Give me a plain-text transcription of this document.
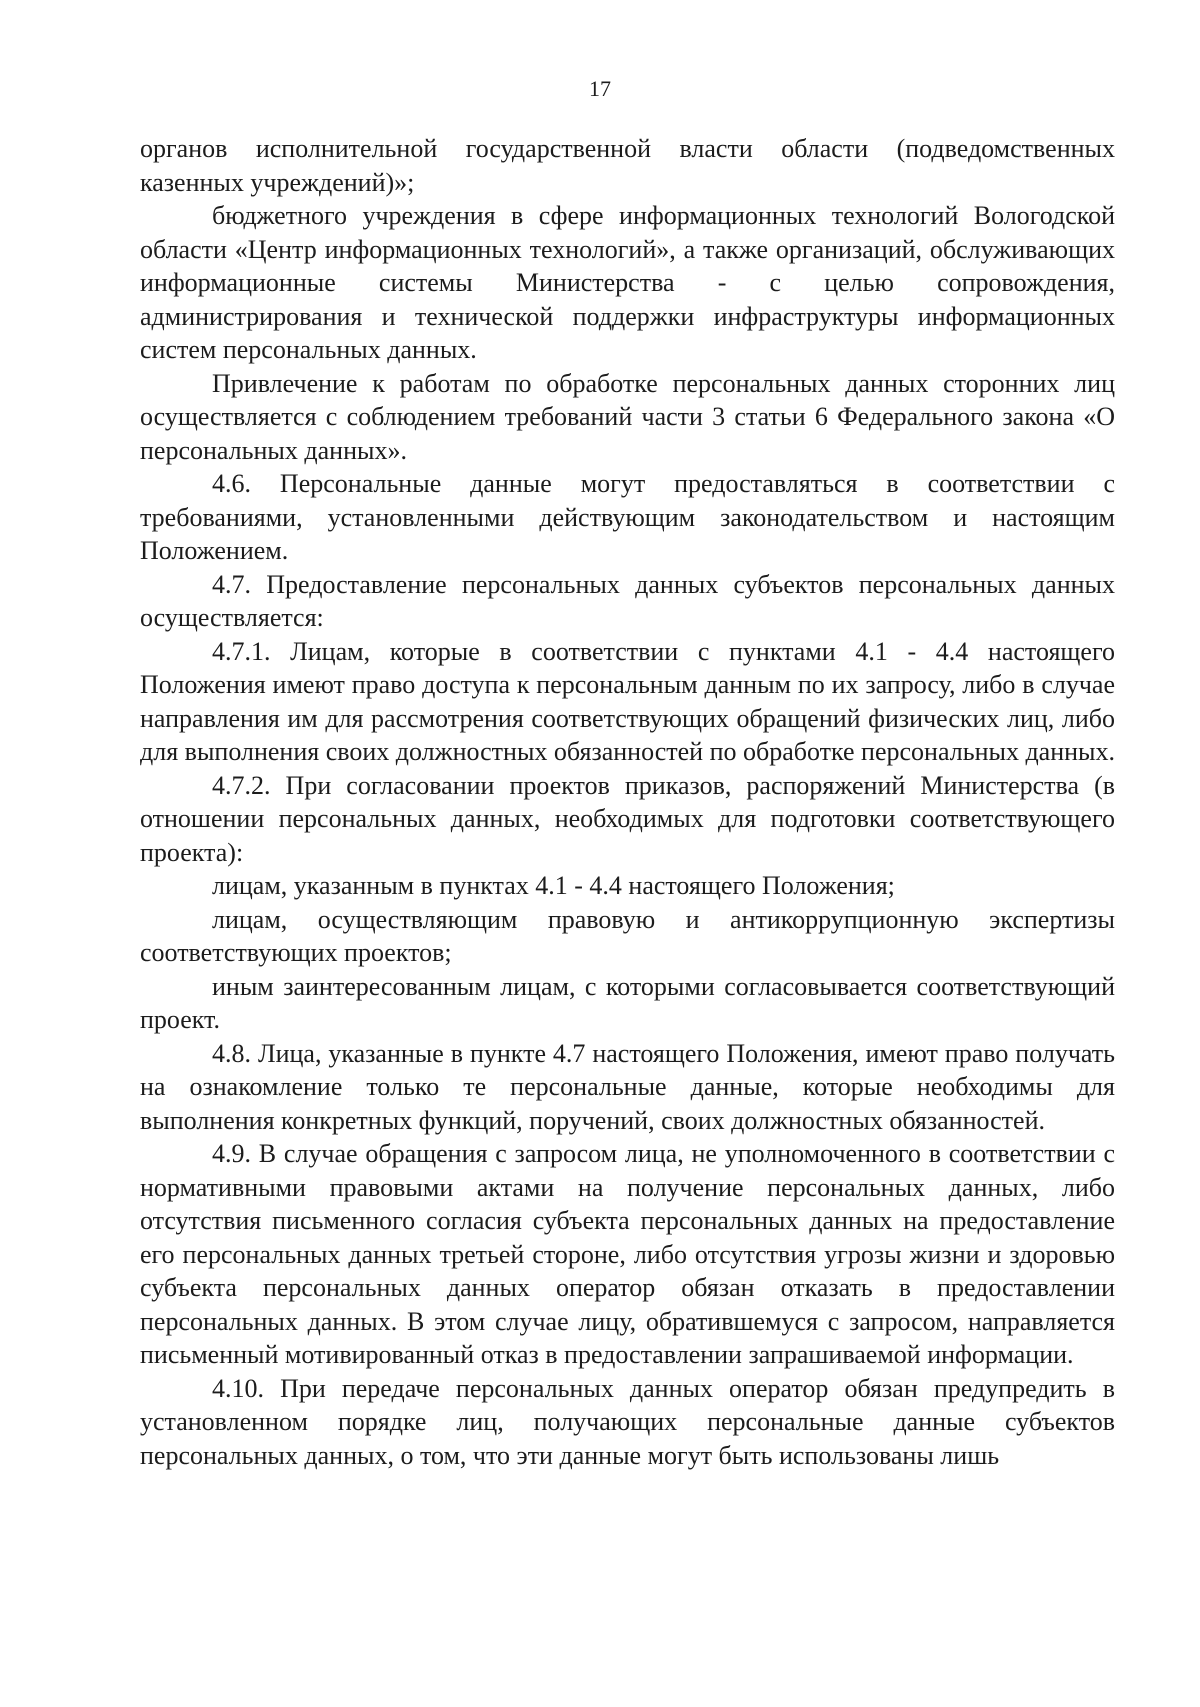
17

органов исполнительной государственной власти области (подведомственных казенных учреждений)»;

бюджетного учреждения в сфере информационных технологий Вологодской области «Центр информационных технологий», а также организаций, обслуживающих информационные системы Министерства - с целью сопровождения, администрирования и технической поддержки инфраструктуры информационных систем персональных данных.

Привлечение к работам по обработке персональных данных сторонних лиц осуществляется с соблюдением требований части 3 статьи 6 Федерального закона «О персональных данных».

4.6. Персональные данные могут предоставляться в соответствии с требованиями, установленными действующим законодательством и настоящим Положением.

4.7. Предоставление персональных данных субъектов персональных данных осуществляется:

4.7.1. Лицам, которые в соответствии с пунктами 4.1 - 4.4 настоящего Положения имеют право доступа к персональным данным по их запросу, либо в случае направления им для рассмотрения соответствующих обращений физических лиц, либо для выполнения своих должностных обязанностей по обработке персональных данных.

4.7.2. При согласовании проектов приказов, распоряжений Министерства (в отношении персональных данных, необходимых для подготовки соответствующего проекта):

лицам, указанным в пунктах 4.1 - 4.4 настоящего Положения;

лицам, осуществляющим правовую и антикоррупционную экспертизы соответствующих проектов;

иным заинтересованным лицам, с которыми согласовывается соответствующий проект.

4.8. Лица, указанные в пункте 4.7 настоящего Положения, имеют право получать на ознакомление только те персональные данные, которые необходимы для выполнения конкретных функций, поручений, своих должностных обязанностей.

4.9. В случае обращения с запросом лица, не уполномоченного в соответствии с нормативными правовыми актами на получение персональных данных, либо отсутствия письменного согласия субъекта персональных данных на предоставление его персональных данных третьей стороне, либо отсутствия угрозы жизни и здоровью субъекта персональных данных оператор обязан отказать в предоставлении персональных данных. В этом случае лицу, обратившемуся с запросом, направляется письменный мотивированный отказ в предоставлении запрашиваемой информации.

4.10. При передаче персональных данных оператор обязан предупредить в установленном порядке лиц, получающих персональные данные субъектов персональных данных, о том, что эти данные могут быть использованы лишь
